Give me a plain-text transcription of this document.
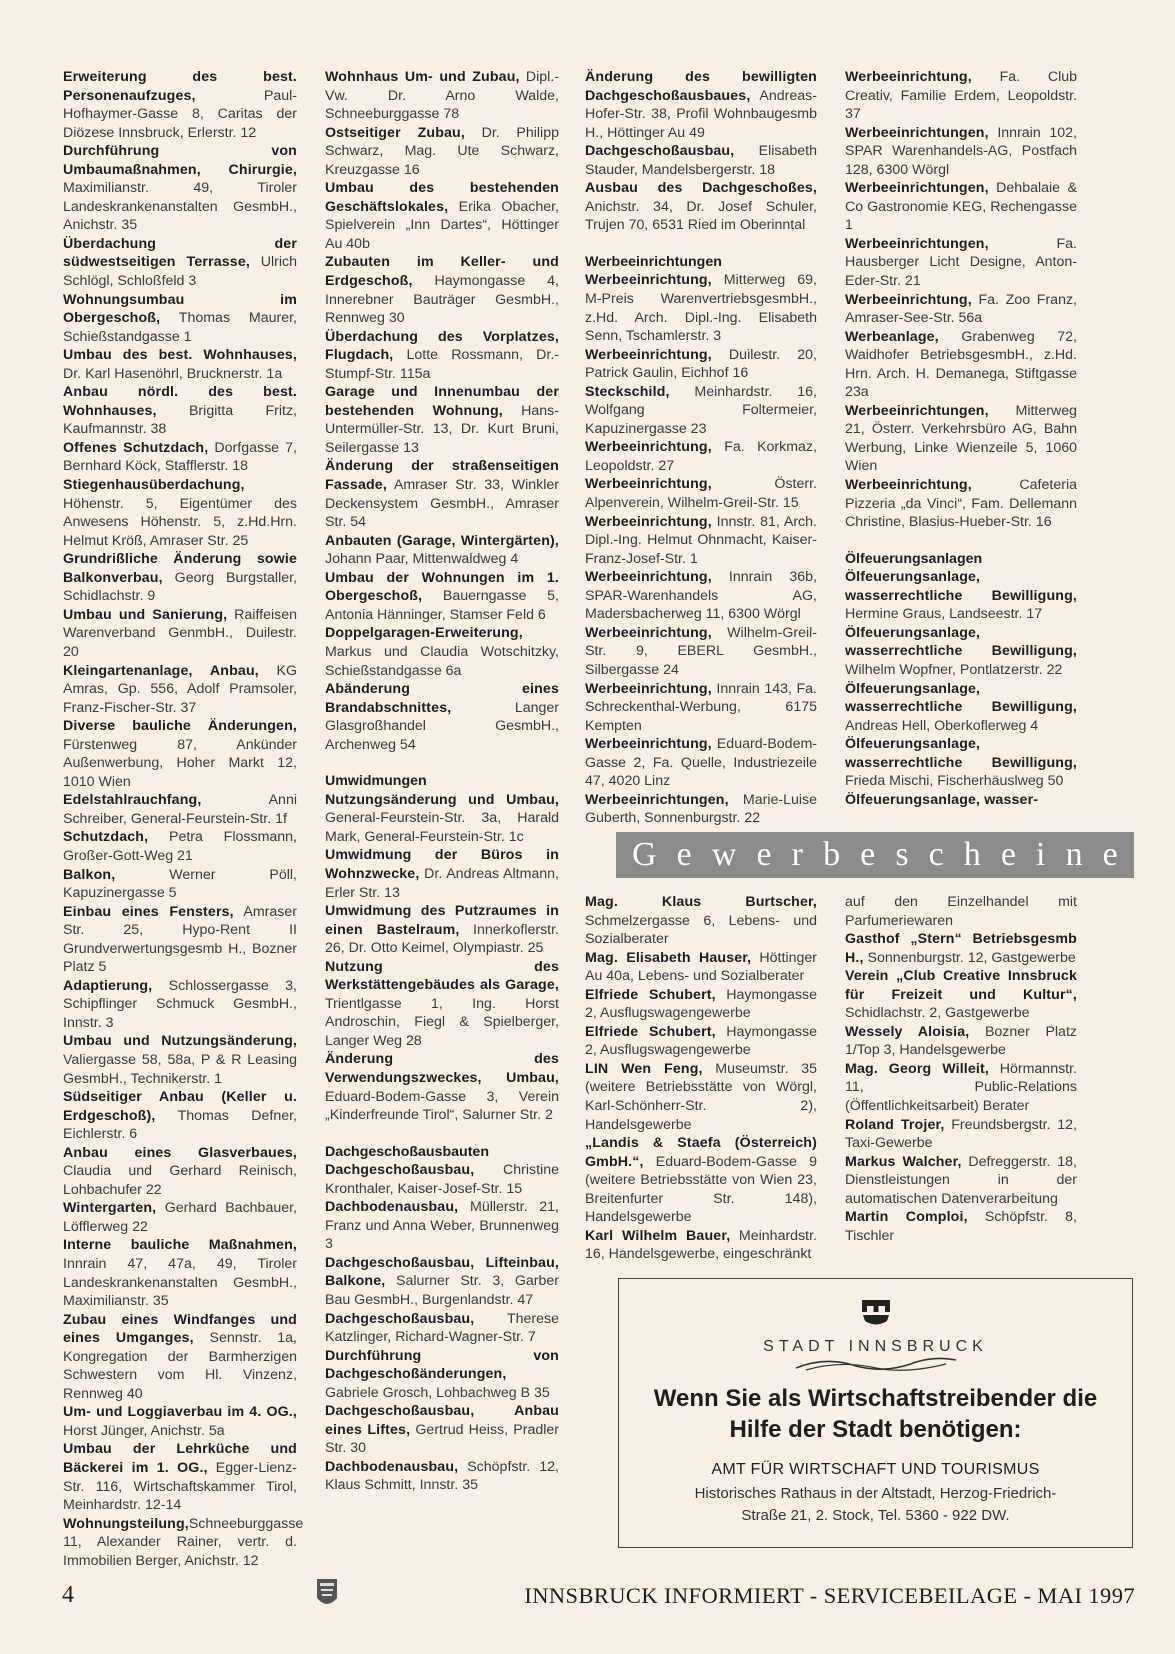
Erweiterung des best. Personenaufzuges, Paul-Hofhaymer-Gasse 8, Caritas der Diözese Innsbruck, Erlerstr. 12

Durchführung von Umbaumaßnahmen, Chirurgie, Maximilianstr. 49, Tiroler Landeskrankenanstalten GesmbH., Anichstr. 35

Überdachung der südwestseitigen Terrasse, Ulrich Schlögl, Schloßfeld 3

Wohnungsumbau im Obergeschoß, Thomas Maurer, Schießstandgasse 1

Umbau des best. Wohnhauses, Dr. Karl Hasenöhrl, Brucknerstr. 1a

Anbau nördl. des best. Wohnhauses, Brigitta Fritz, Kaufmannstr. 38

Offenes Schutzdach, Dorfgasse 7, Bernhard Köck, Stafflerstr. 18

Stiegenhausüberdachung, Höhenstr. 5, Eigentümer des Anwesens Höhenstr. 5, z.Hd.Hrn. Helmut Kröß, Amraser Str. 25

Grundrißliche Änderung sowie Balkonverbau, Georg Burgstaller, Schidlachstr. 9

Umbau und Sanierung, Raiffeisen Warenverband GenmbH., Duilestr. 20

Kleingartenanlage, Anbau, KG Amras, Gp. 556, Adolf Pramsoler, Franz-Fischer-Str. 37

Diverse bauliche Änderungen, Fürstenweg 87, Ankünder Außenwerbung, Hoher Markt 12, 1010 Wien

Edelstahlrauchfang, Anni Schreiber, General-Feurstein-Str. 1f

Schutzdach, Petra Flossmann, Großer-Gott-Weg 21

Balkon, Werner Pöll, Kapuzinergasse 5

Einbau eines Fensters, Amraser Str. 25, Hypo-Rent II Grundverwertungsgesmb H., Bozner Platz 5

Adaptierung, Schlossergasse 3, Schipflinger Schmuck GesmbH., Innstr. 3

Umbau und Nutzungsänderung, Valiergasse 58, 58a, P & R Leasing GesmbH., Technikerstr. 1

Südseitiger Anbau (Keller u. Erdgeschoß), Thomas Defner, Eichlerstr. 6

Anbau eines Glasverbaues, Claudia und Gerhard Reinisch, Lohbachufer 22

Wintergarten, Gerhard Bachbauer, Löfflerweg 22

Interne bauliche Maßnahmen, Innrain 47, 47a, 49, Tiroler Landeskrankenanstalten GesmbH., Maximilianstr. 35

Zubau eines Windfanges und eines Umganges, Sennstr. 1a, Kongregation der Barmherzigen Schwestern vom Hl. Vinzenz, Rennweg 40

Um- und Loggiaverbau im 4. OG., Horst Jünger, Anichstr. 5a

Umbau der Lehrküche und Bäckerei im 1. OG., Egger-Lienz-Str. 116, Wirtschaftskammer Tirol, Meinhardstr. 12-14

Wohnungsteilung,Schneeburggasse 11, Alexander Rainer, vertr. d. Immobilien Berger, Anichstr. 12

Wohnhaus Um- und Zubau, Dipl.-Vw. Dr. Arno Walde, Schneeburggasse 78

Ostseitiger Zubau, Dr. Philipp Schwarz, Mag. Ute Schwarz, Kreuzgasse 16

Umbau des bestehenden Geschäftslokales, Erika Obacher, Spielverein „Inn Dartes“, Höttinger Au 40b

Zubauten im Keller- und Erdgeschoß, Haymongasse 4, Innerebner Bauträger GesmbH., Rennweg 30

Überdachung des Vorplatzes, Flugdach, Lotte Rossmann, Dr.-Stumpf-Str. 115a

Garage und Innenumbau der bestehenden Wohnung, Hans-Untermüller-Str. 13, Dr. Kurt Bruni, Seilergasse 13

Änderung der straßenseitigen Fassade, Amraser Str. 33, Winkler Deckensystem GesmbH., Amraser Str. 54

Anbauten (Garage, Wintergärten), Johann Paar, Mittenwaldweg 4

Umbau der Wohnungen im 1. Obergeschoß, Bauerngasse 5, Antonia Hänninger, Stamser Feld 6

Doppelgaragen-Erweiterung, Markus und Claudia Wotschitzky, Schießstandgasse 6a

Abänderung eines Brandabschnittes, Langer Glasgroßhandel GesmbH., Archenweg 54

Umwidmungen

Nutzungsänderung und Umbau, General-Feurstein-Str. 3a, Harald Mark, General-Feurstein-Str. 1c

Umwidmung der Büros in Wohnzwecke, Dr. Andreas Altmann, Erler Str. 13

Umwidmung des Putzraumes in einen Bastelraum, Innerkoflerstr. 26, Dr. Otto Keimel, Olympiastr. 25

Nutzung des Werkstättengebäudes als Garage, Trientlgasse 1, Ing. Horst Androschin, Fiegl & Spielberger, Langer Weg 28

Änderung des Verwendungszweckes, Umbau, Eduard-Bodem-Gasse 3, Verein „Kinderfreunde Tirol“, Salurner Str. 2

Dachgeschoßausbauten

Dachgeschoßausbau, Christine Kronthaler, Kaiser-Josef-Str. 15

Dachbodenausbau, Müllerstr. 21, Franz und Anna Weber, Brunnenweg 3

Dachgeschoßausbau, Lifteinbau, Balkone, Salurner Str. 3, Garber Bau GesmbH., Burgenlandstr. 47

Dachgeschoßausbau, Therese Katzlinger, Richard-Wagner-Str. 7

Durchführung von Dachgeschoßänderungen, Gabriele Grosch, Lohbachweg B 35

Dachgeschoßausbau, Anbau eines Liftes, Gertrud Heiss, Pradler Str. 30

Dachbodenausbau, Schöpfstr. 12, Klaus Schmitt, Innstr. 35

Änderung des bewilligten Dachgeschoßausbaues, Andreas-Hofer-Str. 38, Profil Wohnbaugesmb H., Höttinger Au 49

Dachgeschoßausbau, Elisabeth Stauder, Mandelsbergerstr. 18

Ausbau des Dachgeschoßes, Anichstr. 34, Dr. Josef Schuler, Trujen 70, 6531 Ried im Oberinntal

Werbeeinrichtungen

Werbeeinrichtung, Mitterweg 69, M-Preis WarenvertriebsgesmbH., z.Hd. Arch. Dipl.-Ing. Elisabeth Senn, Tschamlerstr. 3

Werbeeinrichtung, Duilestr. 20, Patrick Gaulin, Eichhof 16

Steckschild, Meinhardstr. 16, Wolfgang Foltermeier, Kapuzinergasse 23

Werbeeinrichtung, Fa. Korkmaz, Leopoldstr. 27

Werbeeinrichtung, Österr. Alpenverein, Wilhelm-Greil-Str. 15

Werbeeinrichtung, Innstr. 81, Arch. Dipl.-Ing. Helmut Ohnmacht, Kaiser-Franz-Josef-Str. 1

Werbeeinrichtung, Innrain 36b, SPAR-Warenhandels AG, Madersbacherweg 11, 6300 Wörgl

Werbeeinrichtung, Wilhelm-Greil-Str. 9, EBERL GesmbH., Silbergasse 24

Werbeeinrichtung, Innrain 143, Fa. Schreckenthal-Werbung, 6175 Kempten

Werbeeinrichtung, Eduard-Bodem-Gasse 2, Fa. Quelle, Industriezeile 47, 4020 Linz

Werbeeinrichtungen, Marie-Luise Guberth, Sonnenburgstr. 22

Werbeeinrichtung, Fa. Club Creativ, Familie Erdem, Leopoldstr. 37

Werbeeinrichtungen, Innrain 102, SPAR Warenhandels-AG, Postfach 128, 6300 Wörgl

Werbeeinrichtungen, Dehbalaie & Co Gastronomie KEG, Rechengasse 1

Werbeeinrichtungen, Fa. Hausberger Licht Designe, Anton-Eder-Str. 21

Werbeeinrichtung, Fa. Zoo Franz, Amraser-See-Str. 56a

Werbeanlage, Grabenweg 72, Waidhofer BetriebsgesmbH., z.Hd. Hrn. Arch. H. Demanega, Stiftgasse 23a

Werbeeinrichtungen, Mitterweg 21, Österr. Verkehrsbüro AG, Bahn Werbung, Linke Wienzeile 5, 1060 Wien

Werbeeinrichtung, Cafeteria Pizzeria „da Vinci“, Fam. Dellemann Christine, Blasius-Hueber-Str. 16

Ölfeuerungsanlagen

Ölfeuerungsanlage, wasserrechtliche Bewilligung, Hermine Graus, Landseestr. 17

Ölfeuerungsanlage, wasserrechtliche Bewilligung, Wilhelm Wopfner, Pontlatzerstr. 22

Ölfeuerungsanlage, wasserrechtliche Bewilligung, Andreas Hell, Oberkoflerweg 4

Ölfeuerungsanlage, wasserrechtliche Bewilligung, Frieda Mischi, Fischerhäuslweg 50

Ölfeuerungsanlage, wasser-

G e w e r b e s c h e i n e

Mag. Klaus Burtscher, Schmelzergasse 6, Lebens- und Sozialberater

Mag. Elisabeth Hauser, Höttinger Au 40a, Lebens- und Sozialberater

Elfriede Schubert, Haymongasse 2, Ausflugswagengewerbe

Elfriede Schubert, Haymongasse 2, Ausflugswagengewerbe

LIN Wen Feng, Museumstr. 35 (weitere Betriebsstätte von Wörgl, Karl-Schönherr-Str. 2), Handelsgewerbe

„Landis & Staefa (Österreich) GmbH.“, Eduard-Bodem-Gasse 9 (weitere Betriebsstätte von Wien 23, Breitenfurter Str. 148), Handelsgewerbe

Karl Wilhelm Bauer, Meinhardstr. 16, Handelsgewerbe, eingeschränkt

auf den Einzelhandel mit Parfumeriewaren

Gasthof „Stern“ Betriebsgesmb H., Sonnenburgstr. 12, Gastgewerbe

Verein „Club Creative Innsbruck für Freizeit und Kultur“, Schidlachstr. 2, Gastgewerbe

Wessely Aloisia, Bozner Platz 1/Top 3, Handelsgewerbe

Mag. Georg Willeit, Hörmannstr. 11, Public-Relations (Öffentlichkeitsarbeit) Berater

Roland Trojer, Freundsbergstr. 12, Taxi-Gewerbe

Markus Walcher, Defreggerstr. 18, Dienstleistungen in der automatischen Datenverarbeitung

Martin Comploi, Schöpfstr. 8, Tischler

STADT INNSBRUCK
Wenn Sie als Wirtschaftstreibender die
Hilfe der Stadt benötigen:
AMT FÜR WIRTSCHAFT UND TOURISMUS
Historisches Rathaus in der Altstadt, Herzog-Friedrich-
Straße 21, 2. Stock, Tel. 5360 - 922 DW.
4	INNSBRUCK INFORMIERT - SERVICEBEILAGE - MAI 1997
